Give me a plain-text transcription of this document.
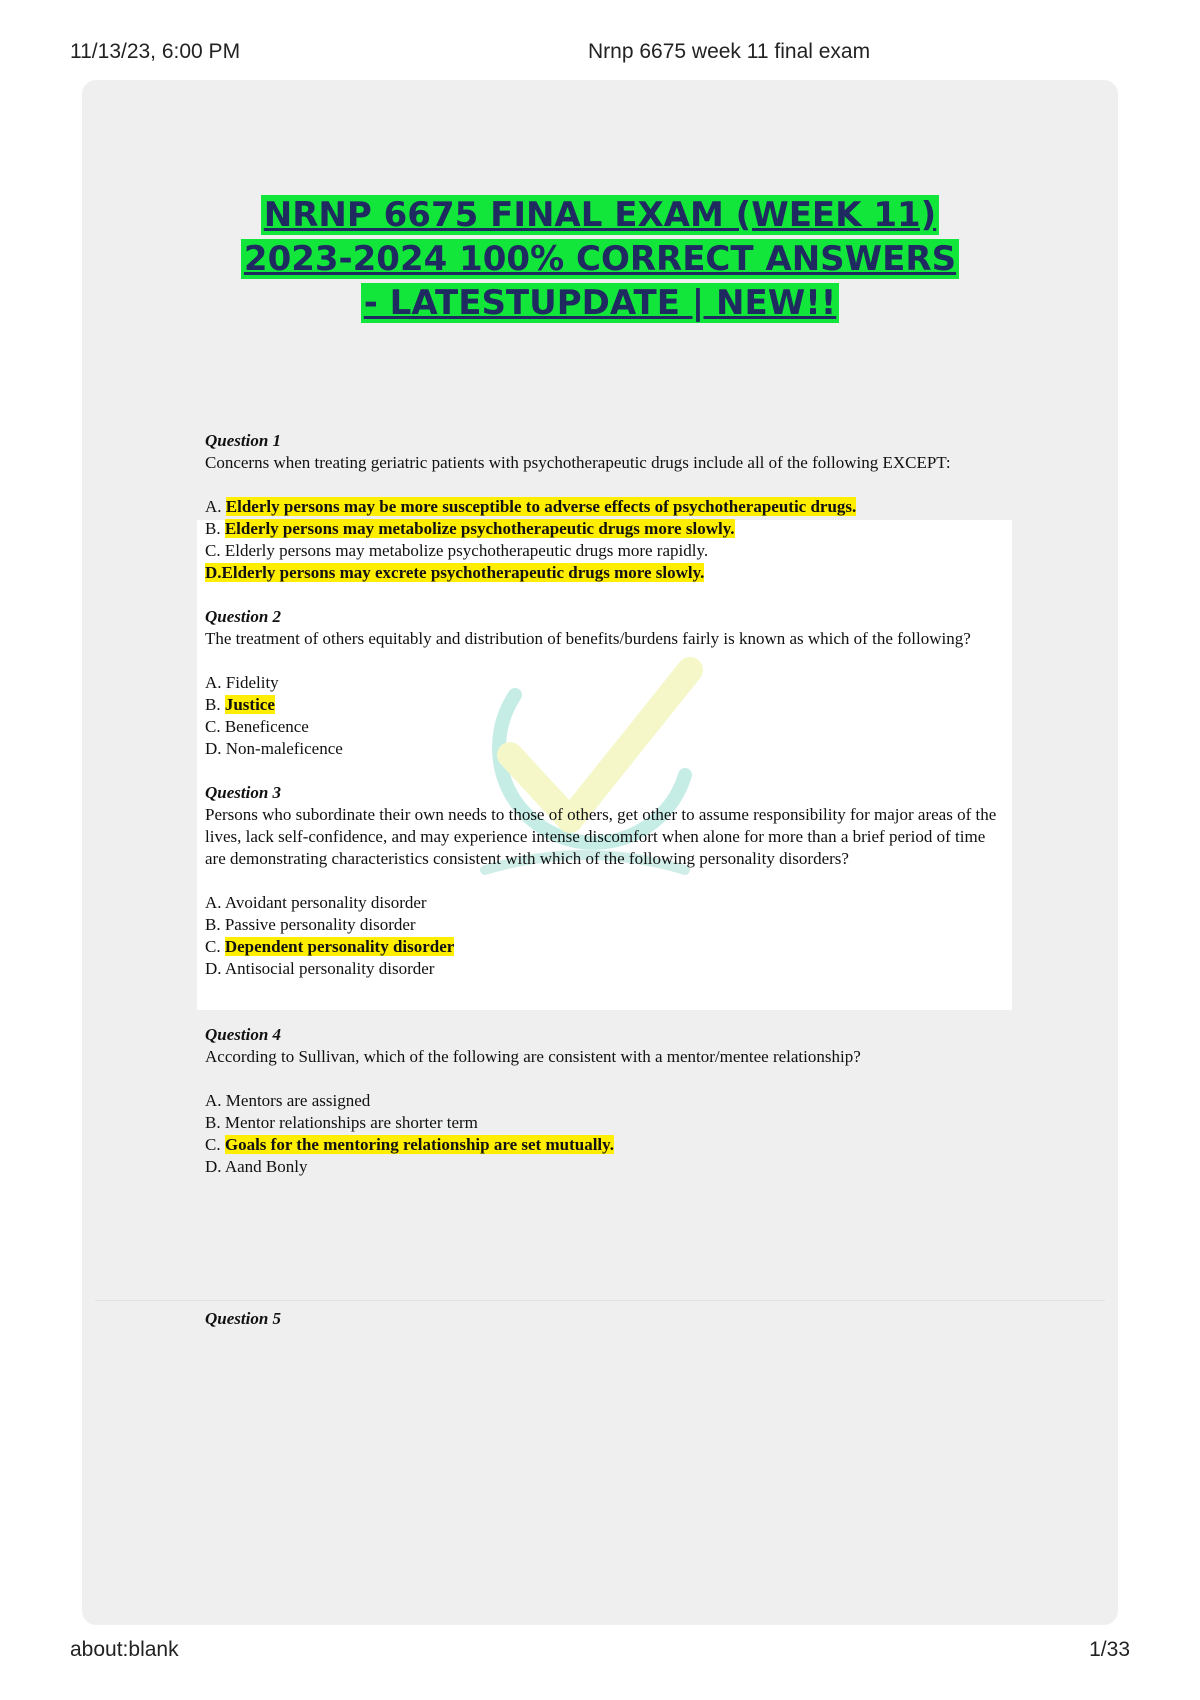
11/13/23, 6:00 PM	Nrnp 6675 week 11 final exam
NRNP 6675 FINAL EXAM (WEEK 11)
2023-2024 100% CORRECT ANSWERS
- LATESTUPDATE | NEW!!
Question 1
Concerns when treating geriatric patients with psychotherapeutic drugs include all of the following EXCEPT:
A. Elderly persons may be more susceptible to adverse effects of psychotherapeutic drugs.
B. Elderly persons may metabolize psychotherapeutic drugs more slowly.
C. Elderly persons may metabolize psychotherapeutic drugs more rapidly.
D.Elderly persons may excrete psychotherapeutic drugs more slowly.
Question 2
The treatment of others equitably and distribution of benefits/burdens fairly is known as which of the following?
A. Fidelity
B. Justice
C. Beneficence
D. Non-maleficence
Question 3
Persons who subordinate their own needs to those of others, get other to assume responsibility for major areas of the lives, lack self-confidence, and may experience intense discomfort when alone for more than a brief period of time are demonstrating characteristics consistent with which of the following personality disorders?
A. Avoidant personality disorder
B. Passive personality disorder
C. Dependent personality disorder
D. Antisocial personality disorder
Question 4
According to Sullivan, which of the following are consistent with a mentor/mentee relationship?
A. Mentors are assigned
B. Mentor relationships are shorter term
C. Goals for the mentoring relationship are set mutually.
D. Aand Bonly
Question 5
about:blank	1/33
